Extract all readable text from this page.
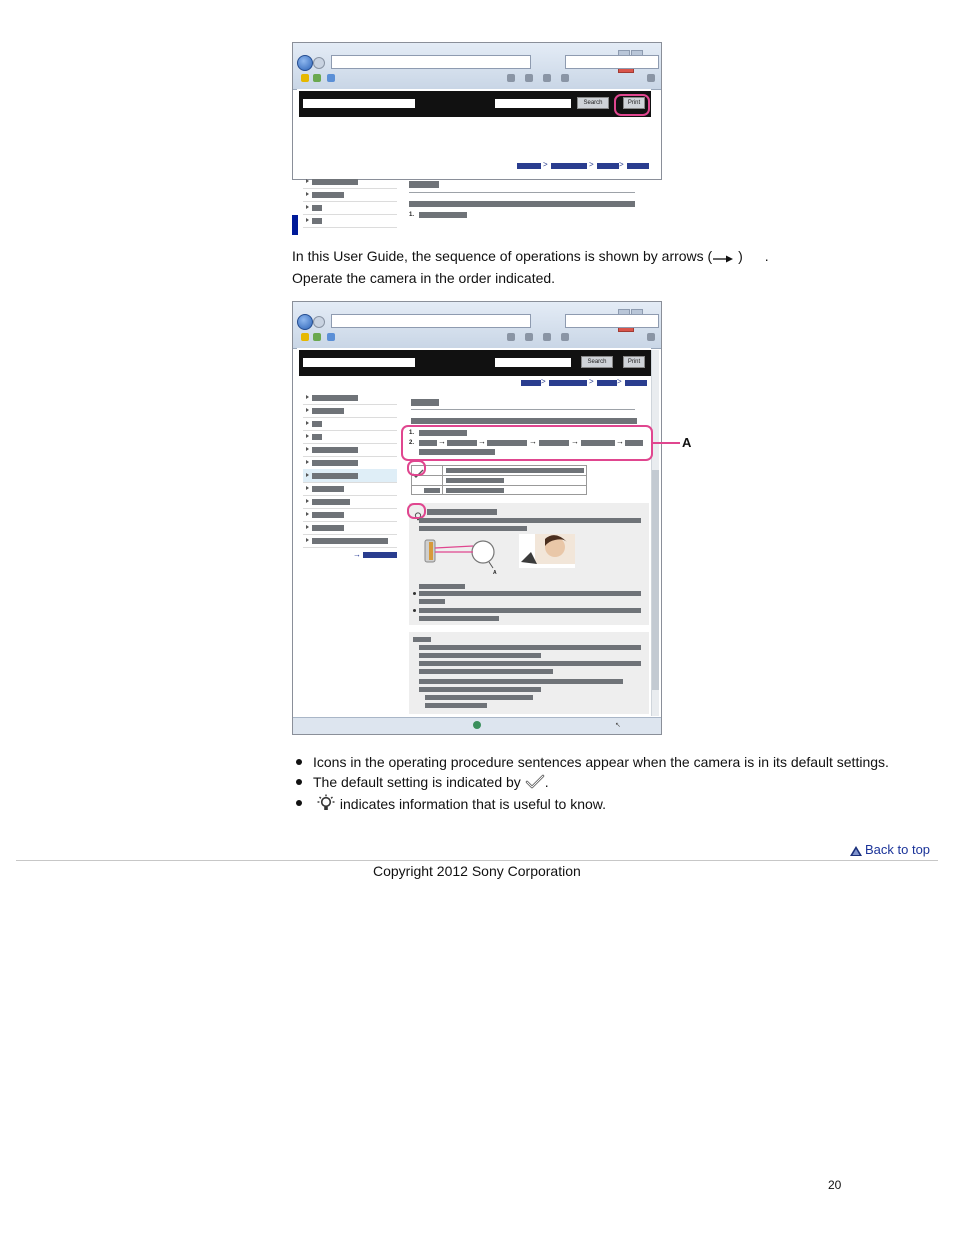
Search	Print
>	>	>
1.
In this User Guide, the sequence of operations is shown by arrows ( ) .
Operate the camera in the order indicated.
Search	Print
>	>	>
→
1.
2.	→	→	→	→	→
A
↖
A
Icons in the operating procedure sentences appear when the camera is in its default settings.
The default setting is indicated by .
indicates information that is useful to know.
Back to top
Copyright 2012 Sony Corporation
20
